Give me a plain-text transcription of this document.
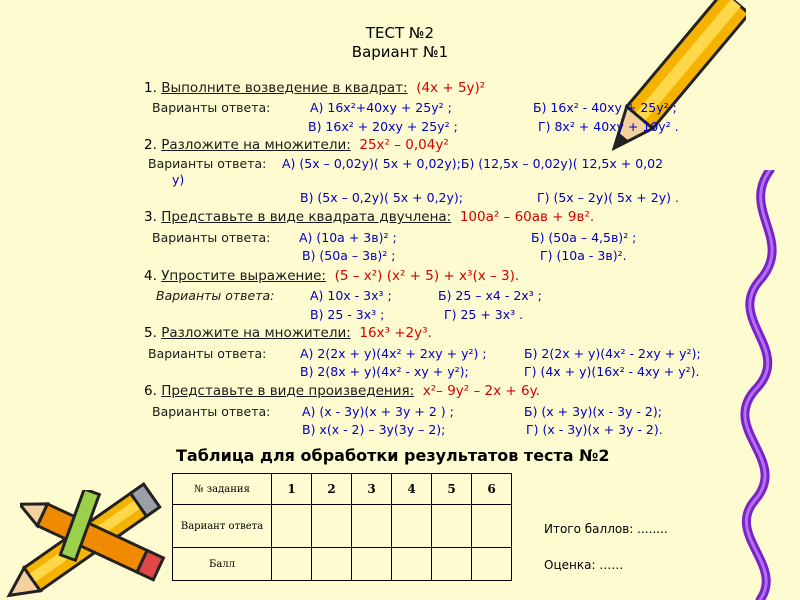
ТЕСТ №2
Вариант №1
1. Выполните возведение в квадрат: (4x + 5y)²
Варианты ответа:	А) 16x²+40xy + 25y² ;	Б) 16x² - 40xy + 25y² ;
В) 16x² + 20xy + 25y² ;	Г) 8x² + 40xy + 10y² .
2. Разложите на множители: 25x² – 0,04y²
Варианты ответа: А) (5x – 0,02y)( 5x + 0,02y);Б) (12,5x – 0,02y)( 12,5x + 0,02
y)
В) (5x – 0,2y)( 5x + 0,2y);	Г) (5x – 2y)( 5x + 2y) .
3. Представьте в виде квадрата двучлена: 100a² – 60aв + 9в².
Варианты ответа: А) (10a + 3в)² ;	Б) (50a – 4,5в)² ;
В) (50a – 3в)² ;	Г) (10a - 3в)².
4. Упростите выражение: (5 – x²) (x² + 5) + x³(x – 3).
Варианты ответа:	А) 10x - 3x³ ;	Б) 25 – x4 - 2x³ ;
В) 25 - 3x³ ;	Г) 25 + 3x³ .
5. Разложите на множители: 16x³ +2y³.
Варианты ответа:	А) 2(2x + y)(4x² + 2xy + y²) ;	Б) 2(2x + y)(4x² - 2xy + y²);
В) 2(8x + y)(4x² - xy + y²);	Г) (4x + y)(16x² - 4xy + y²).
6. Представьте в виде произведения: x²– 9y² – 2x + 6y.
Варианты ответа:	А) (x - 3y)(x + 3y + 2 ) ;	Б) (x + 3y)(x - 3y - 2);
В) x(x - 2) – 3y(3y – 2);	Г) (x - 3y)(x + 3y - 2).
Таблица для обработки результатов теста №2
№ задания	1	2	3	4	5	6
Вариант ответа						
Балл						
Итого баллов: ........
Оценка: ……
